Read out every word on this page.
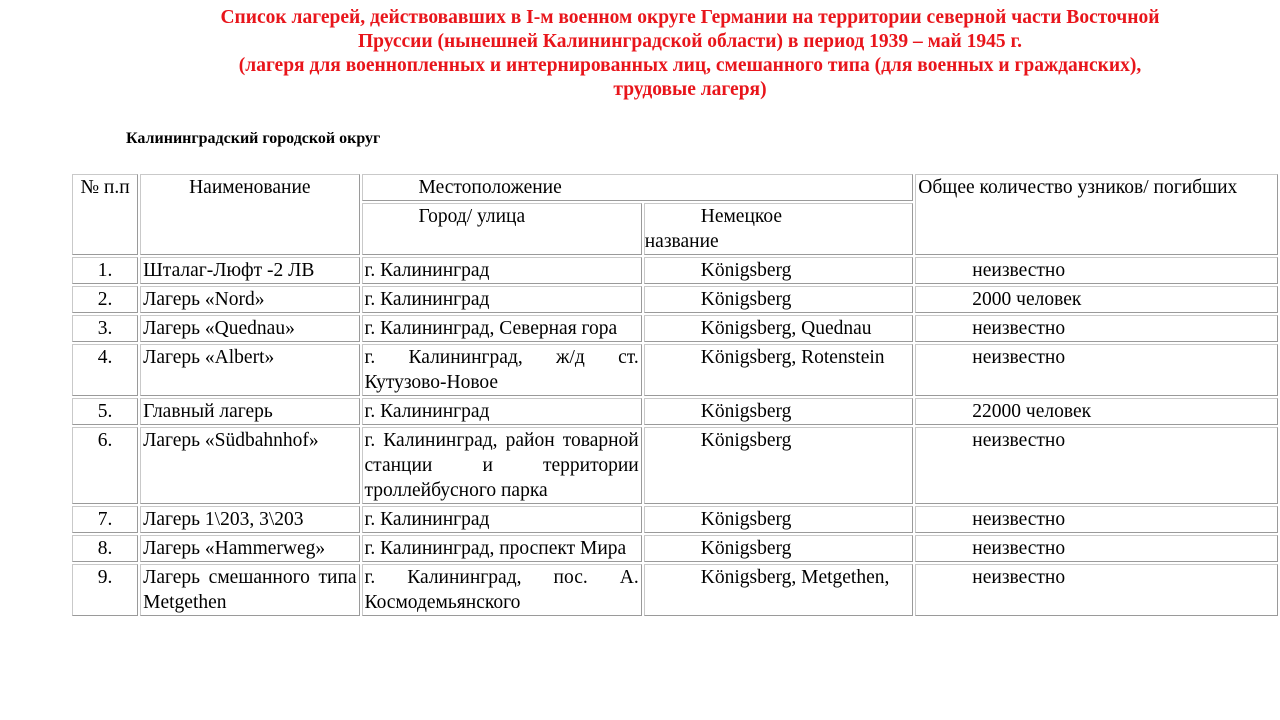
Список лагерей, действовавших в I-м военном округе Германии на территории северной части Восточной
Пруссии (нынешней Калининградской области) в период 1939 – май 1945 г.
(лагеря для военнопленных и интернированных лиц, смешанного типа (для военных и гражданских),
трудовые лагеря)
Калининградский городской округ
№ п.п	Наименование	Местоположение		Общее количество узников/ погибших
		Город/ улица	Немецкое
название	
1.	Шталаг-Люфт -2 ЛВ	г. Калининград	Königsberg	неизвестно
2.	Лагерь «Nord»	г. Калининград	Königsberg	2000 человек
3.	Лагерь «Quednau»	г. Калининград, Северная гора	Königsberg, Quednau	неизвестно
4.	Лагерь «Albert»	г. Калининград, ж/д ст. Кутузово-Новое	Königsberg, Rotenstein	неизвестно
5.	Главный лагерь	г. Калининград	Königsberg	22000 человек
6.	Лагерь «Südbahnhof»	г. Калининград, район товарной станции и территории троллейбусного парка	Königsberg	неизвестно
7.	Лагерь 1\203, 3\203	г. Калининград	Königsberg	неизвестно
8.	Лагерь «Hammerweg»	г. Калининград, проспект Мира	Königsberg	неизвестно
9.	Лагерь смешанного типа Metgethen	г. Калининград, пос. А. Космодемьянского	Königsberg, Metgethen,	неизвестно
